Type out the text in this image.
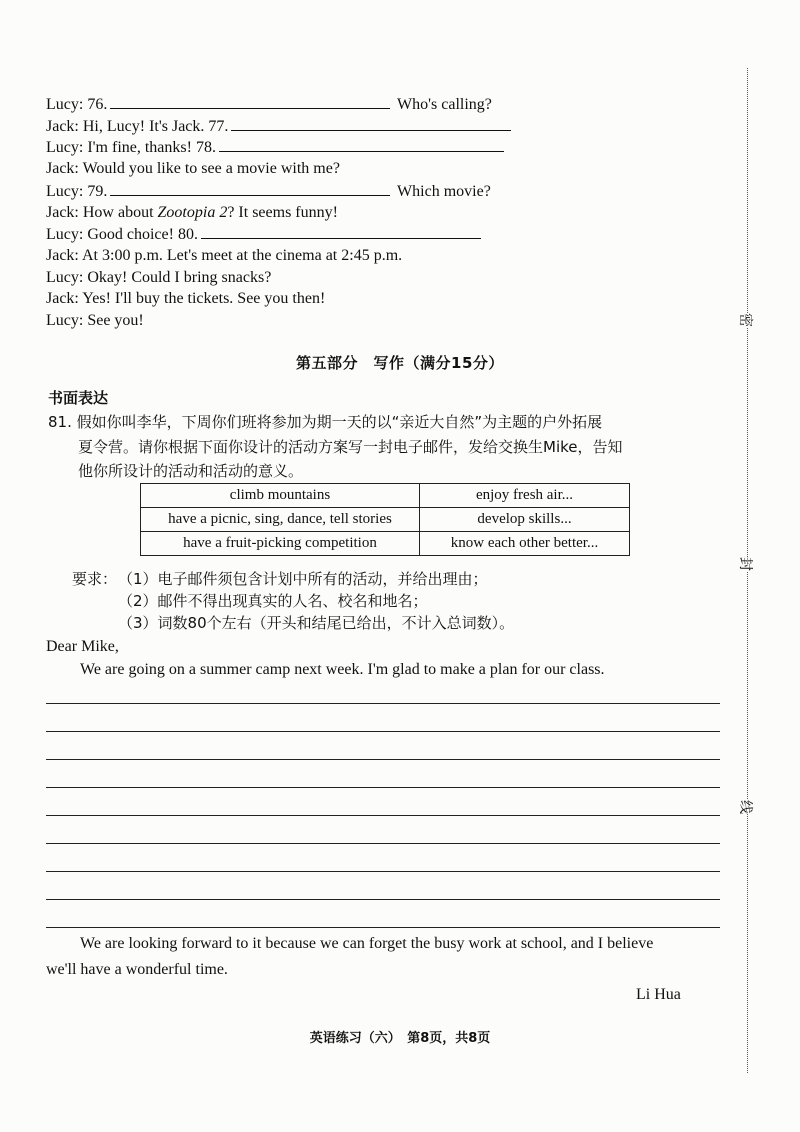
Lucy: 76.	Who's calling?
Jack: Hi, Lucy! It's Jack. 77.
Lucy: I'm fine, thanks! 78.
Jack: Would you like to see a movie with me?
Lucy: 79.	Which movie?
Jack: How about Zootopia 2? It seems funny!
Lucy: Good choice! 80.
Jack: At 3:00 p.m. Let's meet at the cinema at 2:45 p.m.
Lucy: Okay! Could I bring snacks?
Jack: Yes! I'll buy the tickets. See you then!
Lucy: See you!
第五部分　写作（满分15分）
书面表达
81. 假如你叫李华，下周你们班将参加为期一天的以“亲近大自然”为主题的户外拓展
夏令营。请你根据下面你设计的活动方案写一封电子邮件，发给交换生Mike，告知
他你所设计的活动和活动的意义。
climb mountains	enjoy fresh air...
have a picnic, sing, dance, tell stories	develop skills...
have a fruit-picking competition	know each other better...
要求： （1）电子邮件须包含计划中所有的活动，并给出理由；
（2）邮件不得出现真实的人名、校名和地名；
（3）词数80个左右（开头和结尾已给出，不计入总词数）。
Dear Mike,
We are going on a summer camp next week. I'm glad to make a plan for our class.
We are looking forward to it because we can forget the busy work at school, and I believe
we'll have a wonderful time.
Li Hua
英语练习（六）　第8页，共8页
密
封
线
